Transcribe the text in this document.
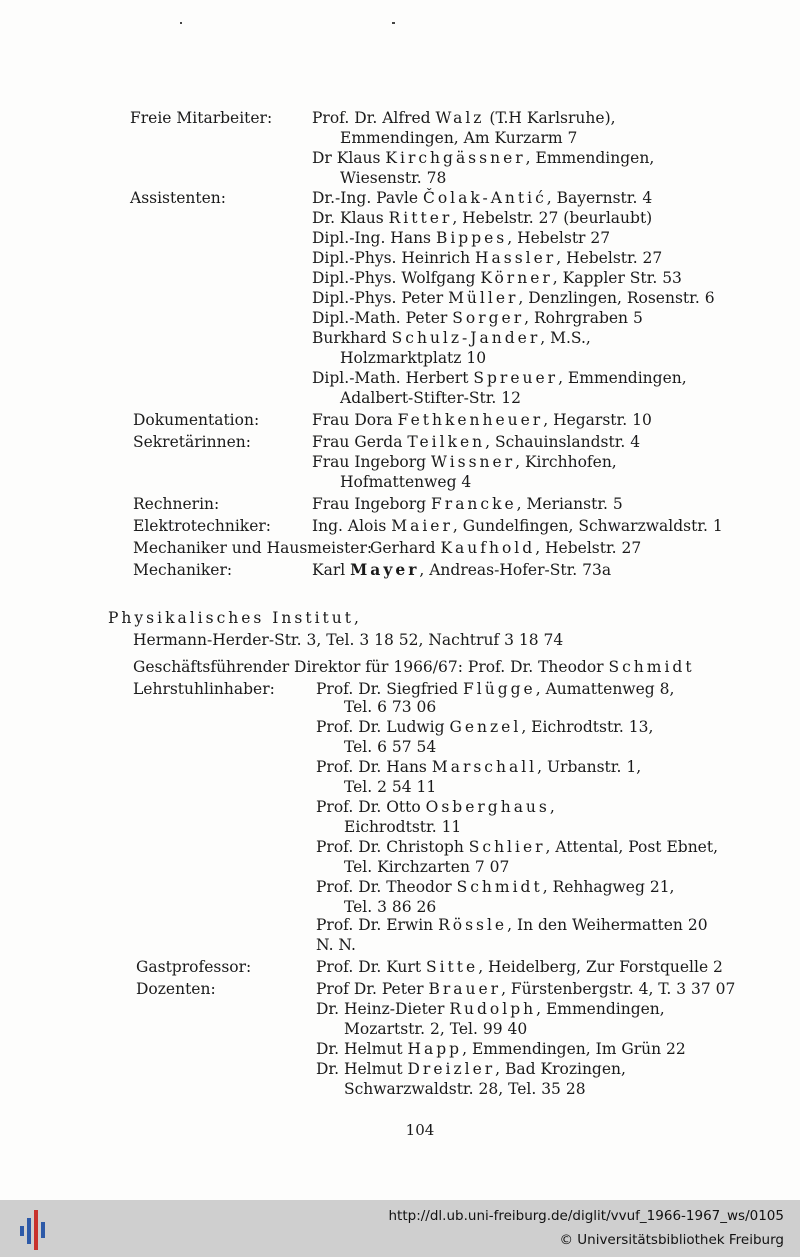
Freie Mitarbeiter:	Prof. Dr. Alfred Walz (T.H Karlsruhe),
Emmendingen, Am Kurzarm 7
Dr Klaus Kirchgässner, Emmendingen,
Wiesenstr. 78
Assistenten:	Dr.-Ing. Pavle Čolak-Antić, Bayernstr. 4
Dr. Klaus Ritter, Hebelstr. 27 (beurlaubt)
Dipl.-Ing. Hans Bippes, Hebelstr 27
Dipl.-Phys. Heinrich Hassler, Hebelstr. 27
Dipl.-Phys. Wolfgang Körner, Kappler Str. 53
Dipl.-Phys. Peter Müller, Denzlingen, Rosenstr. 6
Dipl.-Math. Peter Sorger, Rohrgraben 5
Burkhard Schulz-Jander, M.S.,
Holzmarktplatz 10
Dipl.-Math. Herbert Spreuer, Emmendingen,
Adalbert-Stifter-Str. 12
Dokumentation:	Frau Dora Fethkenheuer, Hegarstr. 10
Sekretärinnen:	Frau Gerda Teilken, Schauinslandstr. 4
Frau Ingeborg Wissner, Kirchhofen,
Hofmattenweg 4
Rechnerin:	Frau Ingeborg Francke, Merianstr. 5
Elektrotechniker:	Ing. Alois Maier, Gundelfingen, Schwarzwaldstr. 1
Mechaniker und Hausmeister:
Gerhard Kaufhold, Hebelstr. 27
Mechaniker:	Karl Mayer, Andreas-Hofer-Str. 73a
Physikalisches Institut,
Hermann-Herder-Str. 3, Tel. 3 18 52, Nachtruf 3 18 74
Geschäftsführender Direktor für 1966/67: Prof. Dr. Theodor Schmidt
Lehrstuhlinhaber:	Prof. Dr. Siegfried Flügge, Aumattenweg 8,
Tel. 6 73 06
Prof. Dr. Ludwig Genzel, Eichrodtstr. 13,
Tel. 6 57 54
Prof. Dr. Hans Marschall, Urbanstr. 1,
Tel. 2 54 11
Prof. Dr. Otto Osberghaus,
Eichrodtstr. 11
Prof. Dr. Christoph Schlier, Attental, Post Ebnet,
Tel. Kirchzarten 7 07
Prof. Dr. Theodor Schmidt, Rehhagweg 21,
Tel. 3 86 26
Prof. Dr. Erwin Rössle, In den Weihermatten 20
N. N.
Gastprofessor:	Prof. Dr. Kurt Sitte, Heidelberg, Zur Forstquelle 2
Dozenten:	Prof Dr. Peter Brauer, Fürstenbergstr. 4, T. 3 37 07
Dr. Heinz-Dieter Rudolph, Emmendingen,
Mozartstr. 2, Tel. 99 40
Dr. Helmut Happ, Emmendingen, Im Grün 22
Dr. Helmut Dreizler, Bad Krozingen,
Schwarzwaldstr. 28, Tel. 35 28
104
http://dl.ub.uni-freiburg.de/diglit/vvuf_1966-1967_ws/0105
© Universitätsbibliothek Freiburg
